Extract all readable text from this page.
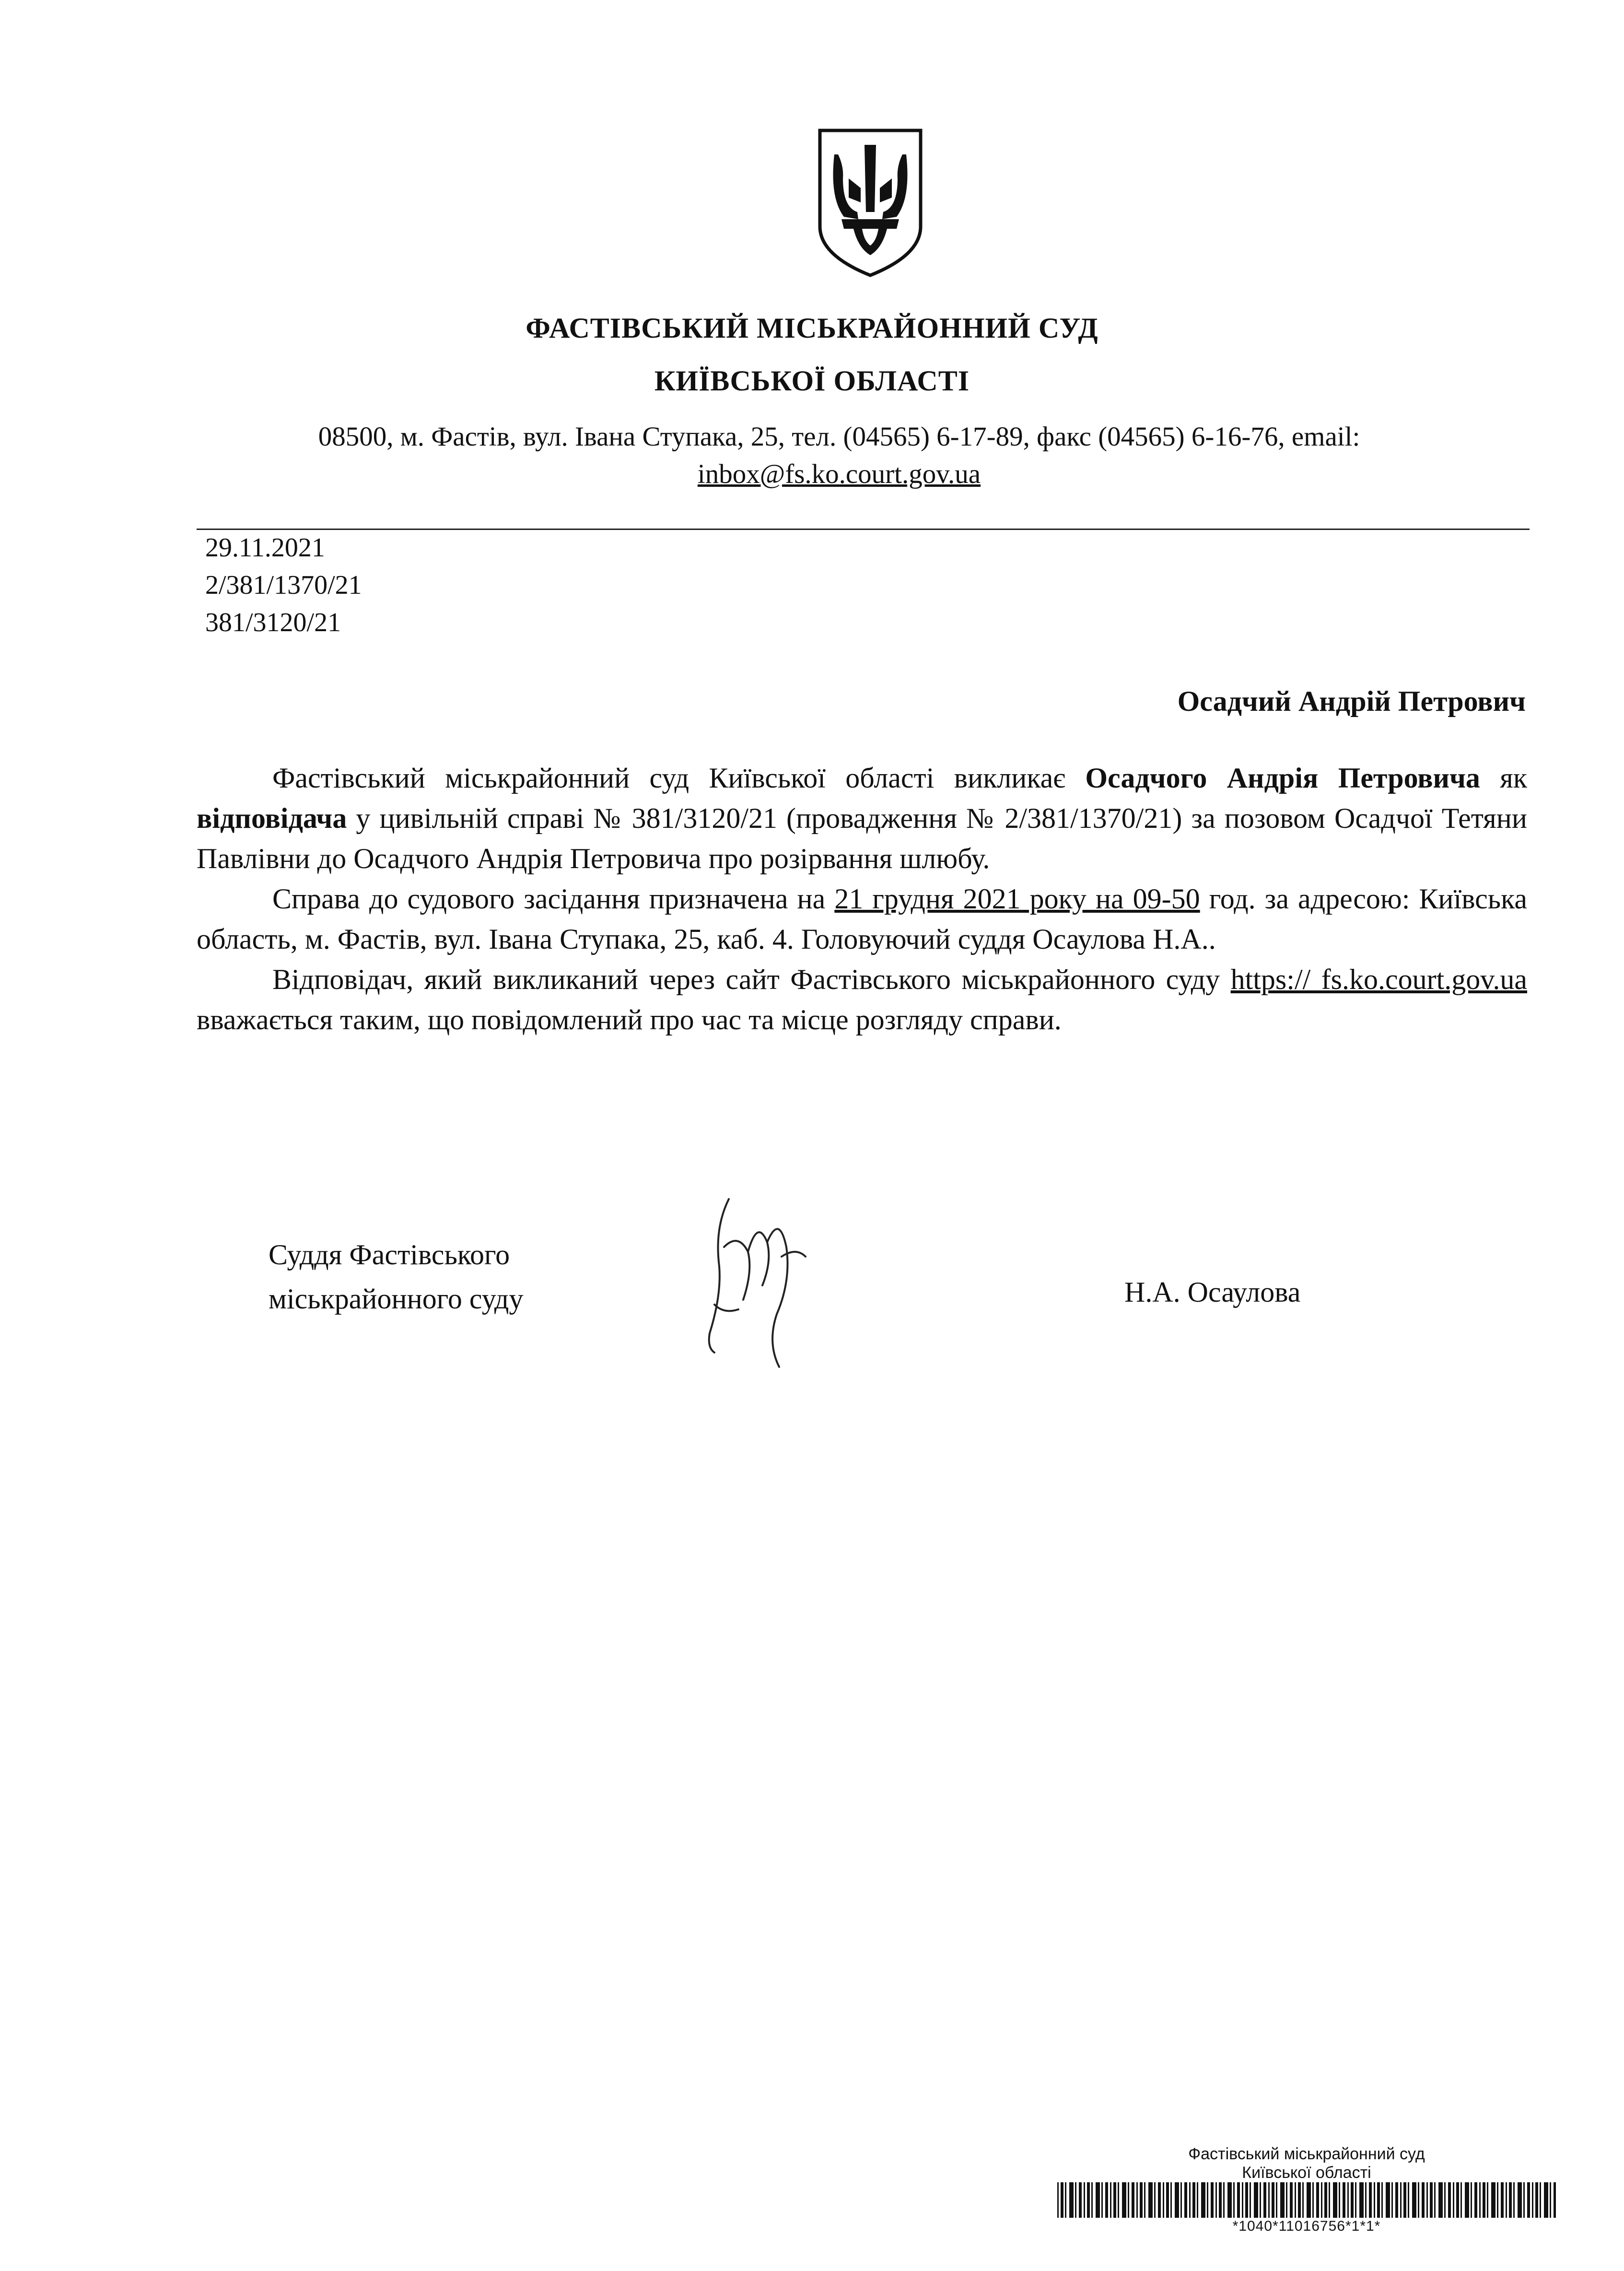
ФАСТІВСЬКИЙ МІСЬКРАЙОННИЙ СУД
КИЇВСЬКОЇ ОБЛАСТІ
08500, м. Фастів, вул. Івана Ступака, 25, тел. (04565) 6-17-89, факс (04565) 6-16-76, email:
inbox@fs.ko.court.gov.ua
29.11.2021
2/381/1370/21
381/3120/21
Осадчий Андрій Петрович

Фастівський міськрайонний суд Київської області викликає Осадчого Андрія Петровича як відповідача у цивільній справі № 381/3120/21 (провадження № 2/381/1370/21) за позовом Осадчої Тетяни Павлівни до Осадчого Андрія Петровича про розірвання шлюбу.

Справа до судового засідання призначена на 21 грудня 2021 року на 09-50 год. за адресою: Київська область, м. Фастів, вул. Івана Ступака, 25, каб. 4. Головуючий суддя Осаулова Н.А..

Відповідач, який викликаний через сайт Фастівського міськрайонного суду https:// fs.ko.court.gov.ua вважається таким, що повідомлений про час та місце розгляду справи.

Суддя Фастівського
міськрайонного суду	Н.А. Осаулова
Фастівський міськрайонний суд
Київської області
*1040*11016756*1*1*
